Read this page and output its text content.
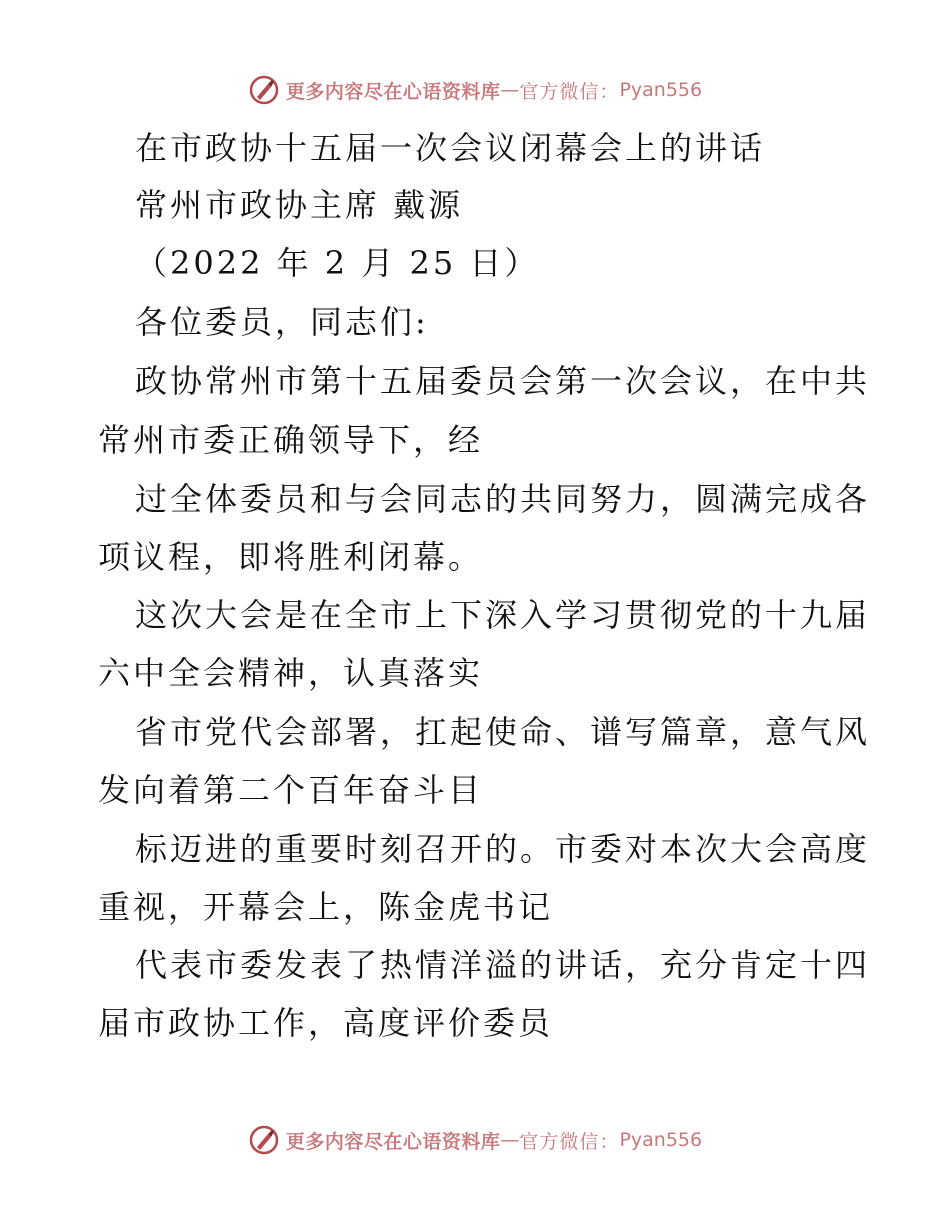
更多内容尽在心语资料库 — 官方微信： Pyan556
在市政协十五届一次会议闭幕会上的讲话
常州市政协主席 戴源
（2022 年 2 月 25 日）
各位委员，同志们:
政协常州市第十五届委员会第一次会议，在中共
常州市委正确领导下，经
过全体委员和与会同志的共同努力，圆满完成各
项议程，即将胜利闭幕。
这次大会是在全市上下深入学习贯彻党的十九届
六中全会精神，认真落实
省市党代会部署，扛起使命、谱写篇章，意气风
发向着第二个百年奋斗目
标迈进的重要时刻召开的。市委对本次大会高度
重视，开幕会上，陈金虎书记
代表市委发表了热情洋溢的讲话，充分肯定十四
届市政协工作，高度评价委员
更多内容尽在心语资料库 — 官方微信： Pyan556
